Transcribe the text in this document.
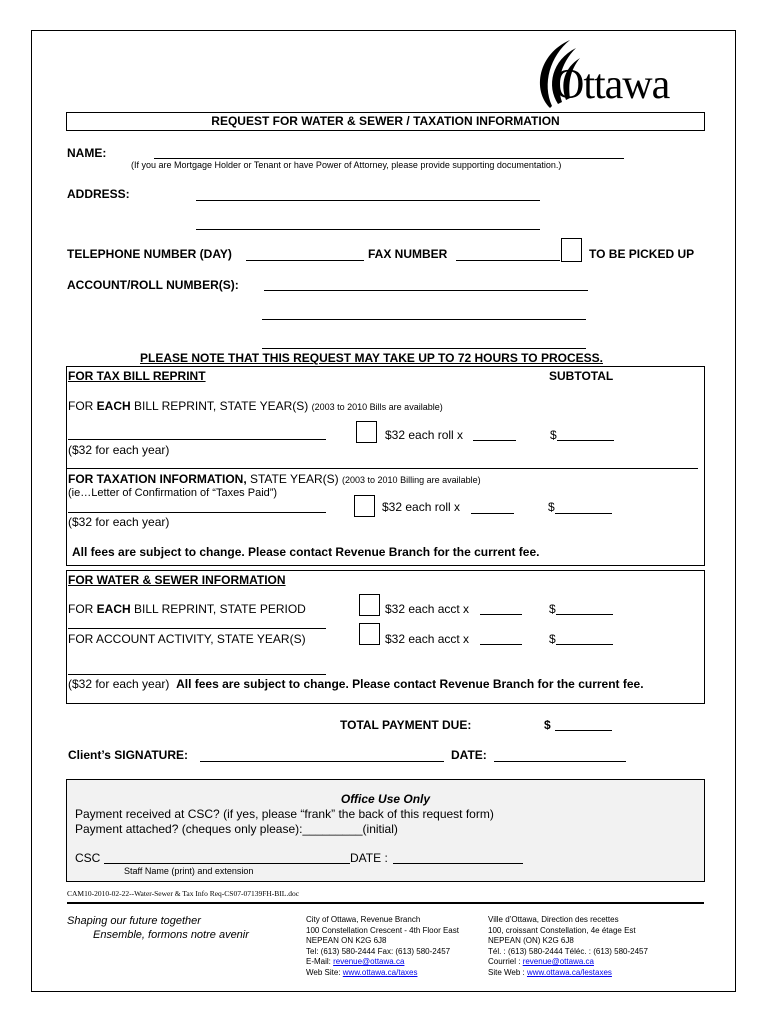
Ottawa
REQUEST FOR WATER & SEWER / TAXATION INFORMATION
NAME:
(If you are Mortgage Holder or Tenant or have Power of Attorney, please provide supporting documentation.)
ADDRESS:
TELEPHONE NUMBER (DAY)	FAX NUMBER	TO BE PICKED UP
ACCOUNT/ROLL NUMBER(S):
PLEASE NOTE THAT THIS REQUEST MAY TAKE UP TO 72 HOURS TO PROCESS.
FOR TAX BILL REPRINT	SUBTOTAL
FOR EACH BILL REPRINT, STATE YEAR(S) (2003 to 2010 Bills are available)
$32 each roll x	$
($32 for each year)
FOR TAXATION INFORMATION, STATE YEAR(S) (2003 to 2010 Billing are available)
(ie…Letter of Confirmation of “Taxes Paid”)
$32 each roll x	$
($32 for each year)
All fees are subject to change. Please contact Revenue Branch for the current fee.
FOR WATER & SEWER INFORMATION
FOR EACH BILL REPRINT, STATE PERIOD	$32 each acct x	$
FOR ACCOUNT ACTIVITY, STATE YEAR(S)	$32 each acct x	$
($32 for each year) All fees are subject to change. Please contact Revenue Branch for the current fee.
TOTAL PAYMENT DUE:	$
Client’s SIGNATURE:	DATE:
Office Use Only
Payment received at CSC? (if yes, please “frank” the back of this request form)
Payment attached? (cheques only please):_________(initial)
CSC	DATE :
Staff Name (print) and extension
CAM10-2010-02-22--Water-Sewer & Tax Info Req-CS07-07139FH-BIL.doc
Shaping our future together
Ensemble, formons notre avenir
City of Ottawa, Revenue Branch
100 Constellation Crescent - 4th Floor East
NEPEAN ON K2G 6J8
Tel: (613) 580-2444 Fax: (613) 580-2457
E-Mail: revenue@ottawa.ca
Web Site: www.ottawa.ca/taxes
Ville d’Ottawa, Direction des recettes
100, croissant Constellation, 4e étage Est
NEPEAN (ON) K2G 6J8
Tél. : (613) 580-2444 Téléc. : (613) 580-2457
Courriel : revenue@ottawa.ca
Site Web : www.ottawa.ca/lestaxes
